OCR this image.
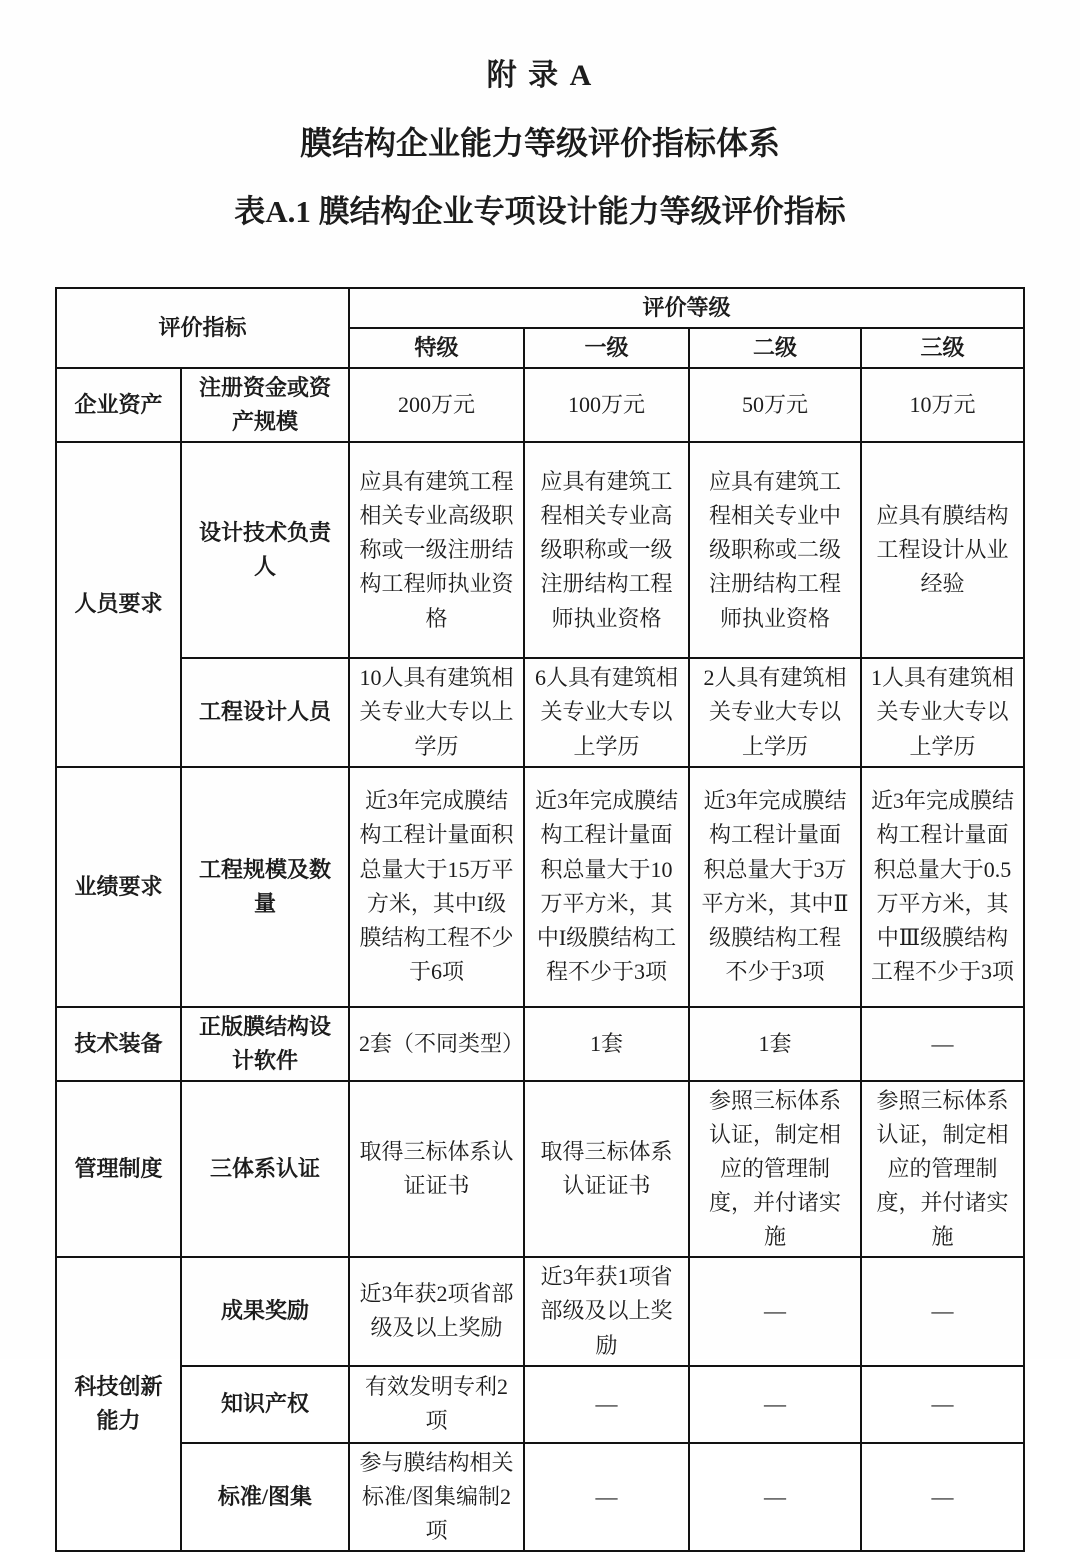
附 录 A
膜结构企业能力等级评价指标体系
表A.1 膜结构企业专项设计能力等级评价指标
评价指标		评价等级			
		特级	一级	二级	三级
企业资产	注册资金或资产规模	200万元	100万元	50万元	10万元
人员要求	设计技术负责人	应具有建筑工程相关专业高级职称或一级注册结构工程师执业资格	应具有建筑工程相关专业高级职称或一级注册结构工程师执业资格	应具有建筑工程相关专业中级职称或二级注册结构工程师执业资格	应具有膜结构工程设计从业经验
	工程设计人员	10人具有建筑相关专业大专以上学历	6人具有建筑相关专业大专以上学历	2人具有建筑相关专业大专以上学历	1人具有建筑相关专业大专以上学历
业绩要求	工程规模及数量	近3年完成膜结构工程计量面积总量大于15万平方米，其中I级膜结构工程不少于6项	近3年完成膜结构工程计量面积总量大于10万平方米，其中I级膜结构工程不少于3项	近3年完成膜结构工程计量面积总量大于3万平方米，其中Ⅱ级膜结构工程不少于3项	近3年完成膜结构工程计量面积总量大于0.5万平方米，其中Ⅲ级膜结构工程不少于3项
技术装备	正版膜结构设计软件	2套（不同类型）	1套	1套	—
管理制度	三体系认证	取得三标体系认证证书	取得三标体系认证证书	参照三标体系认证，制定相应的管理制度，并付诸实施	参照三标体系认证，制定相应的管理制度，并付诸实施
科技创新能力	成果奖励	近3年获2项省部级及以上奖励	近3年获1项省部级及以上奖励	—	—
	知识产权	有效发明专利2项	—	—	—
	标准/图集	参与膜结构相关标准/图集编制2项	—	—	—
